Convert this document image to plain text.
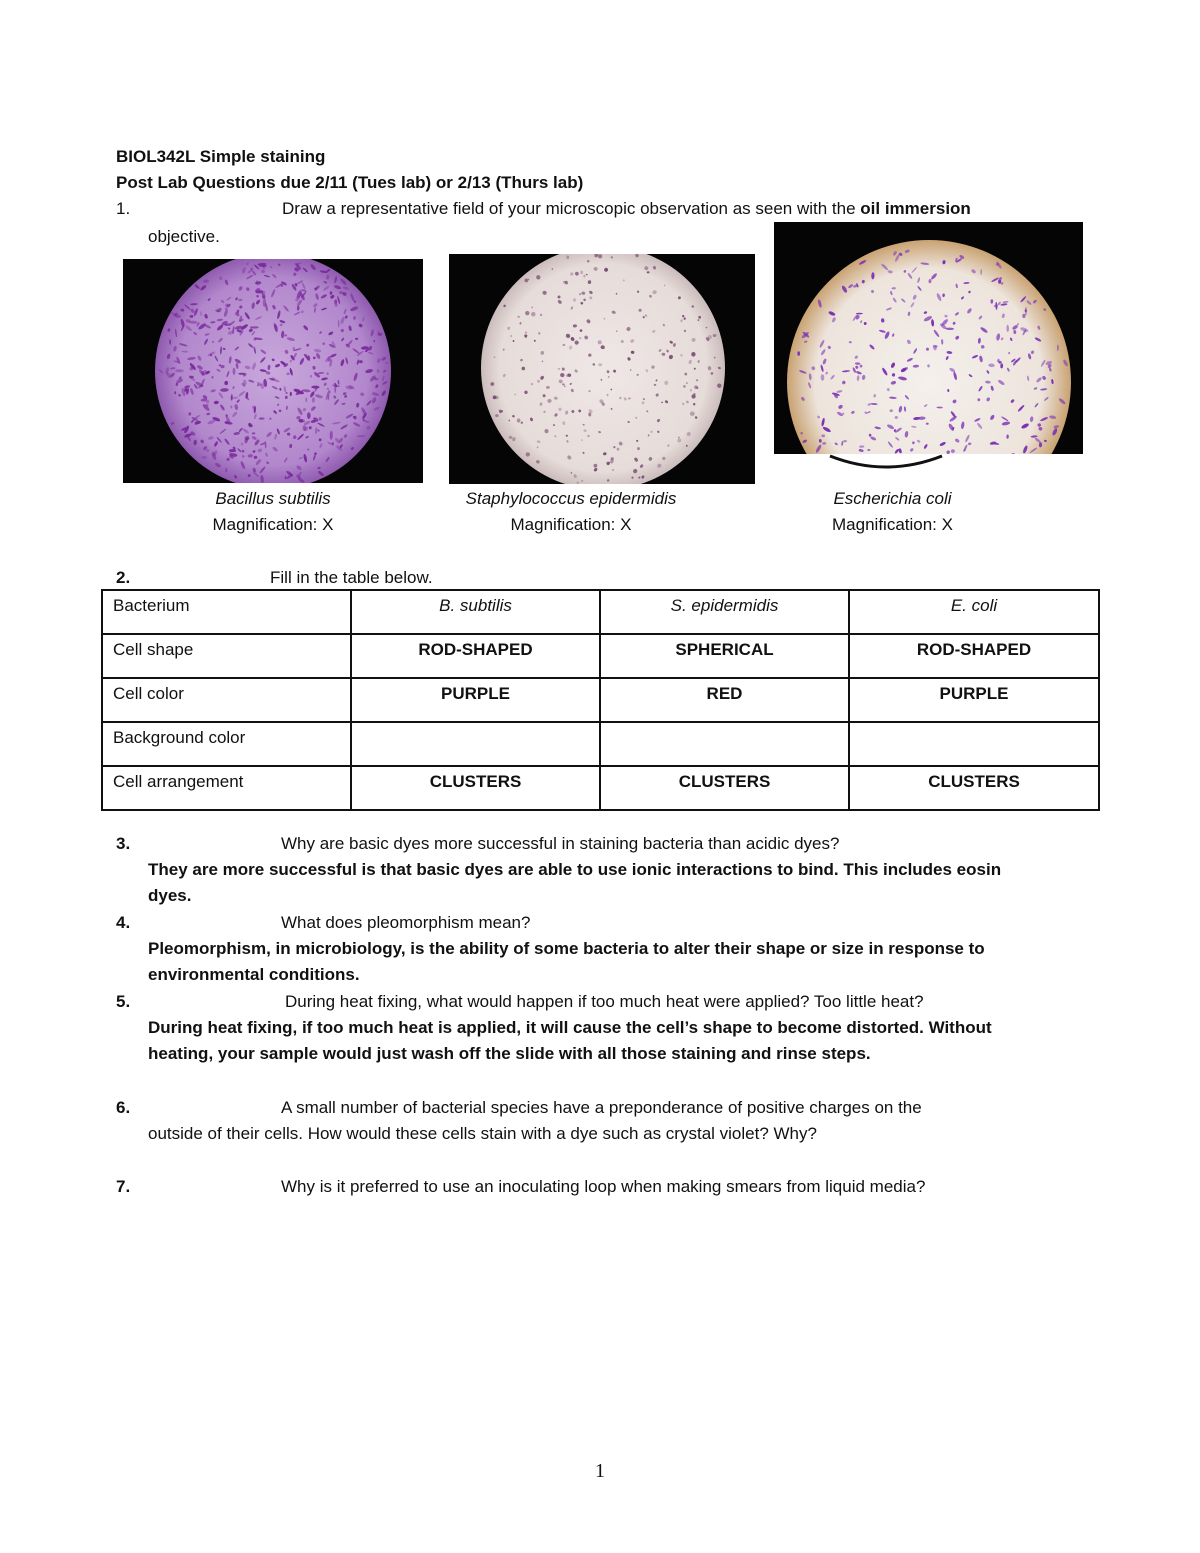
BIOL342L Simple staining
Post Lab Questions due 2/11 (Tues lab) or 2/13 (Thurs lab)
1.	Draw a representative field of your microscopic observation as seen with the oil immersion
objective.
Bacillus subtilis
Magnification: X
Staphylococcus epidermidis
Magnification: X
Escherichia coli
Magnification: X
2.	Fill in the table below.
Bacterium	B. subtilis	S. epidermidis	E. coli
Cell shape	ROD-SHAPED	SPHERICAL	ROD-SHAPED
Cell color	PURPLE	RED	PURPLE
Background color			
Cell arrangement	CLUSTERS	CLUSTERS	CLUSTERS
3.	Why are basic dyes more successful in staining bacteria than acidic dyes?
They are more successful is that basic dyes are able to use ionic interactions to bind. This includes eosin
dyes.
4.	What does pleomorphism mean?
Pleomorphism, in microbiology, is the ability of some bacteria to alter their shape or size in response to
environmental conditions.
5.	During heat fixing, what would happen if too much heat were applied? Too little heat?
During heat fixing, if too much heat is applied, it will cause the cell’s shape to become distorted. Without
heating, your sample would just wash off the slide with all those staining and rinse steps.
6.	A small number of bacterial species have a preponderance of positive charges on the
outside of their cells. How would these cells stain with a dye such as crystal violet? Why?
7.	Why is it preferred to use an inoculating loop when making smears from liquid media?
1
